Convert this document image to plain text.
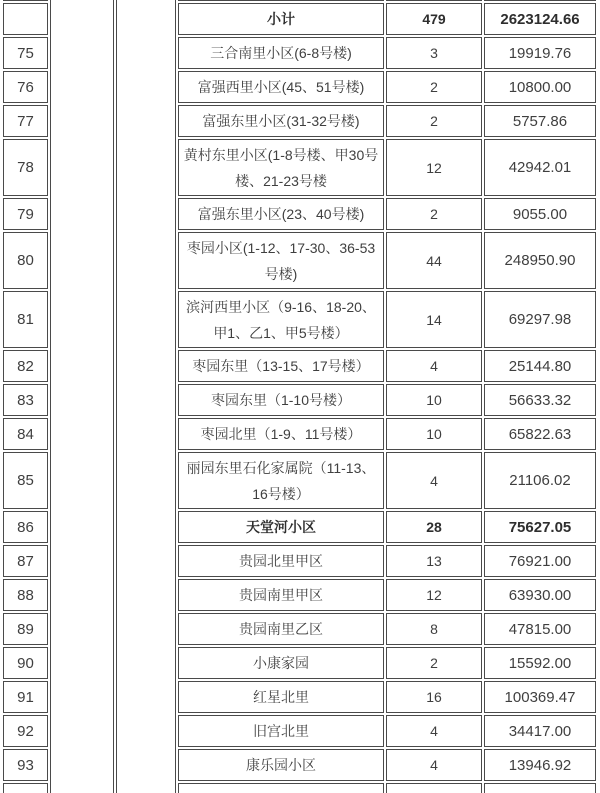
			小计	479	2623124.66
75			三合南里小区(6-8号楼)	3	19919.76
76			富强西里小区(45、51号楼)	2	10800.00
77			富强东里小区(31-32号楼)	2	5757.86
78			黄村东里小区(1-8号楼、甲30号楼、21-23号楼	12	42942.01
79			富强东里小区(23、40号楼)	2	9055.00
80			枣园小区(1-12、17-30、36-53号楼)	44	248950.90
81			滨河西里小区（9-16、18-20、甲1、乙1、甲5号楼）	14	69297.98
82			枣园东里（13-15、17号楼）	4	25144.80
83			枣园东里（1-10号楼）	10	56633.32
84			枣园北里（1-9、11号楼）	10	65822.63
85			丽园东里石化家属院（11-13、16号楼）	4	21106.02
86			天堂河小区	28	75627.05
87			贵园北里甲区	13	76921.00
88			贵园南里甲区	12	63930.00
89			贵园南里乙区	8	47815.00
90			小康家园	2	15592.00
91			红星北里	16	100369.47
92			旧宫北里	4	34417.00
93			康乐园小区	4	13946.92
